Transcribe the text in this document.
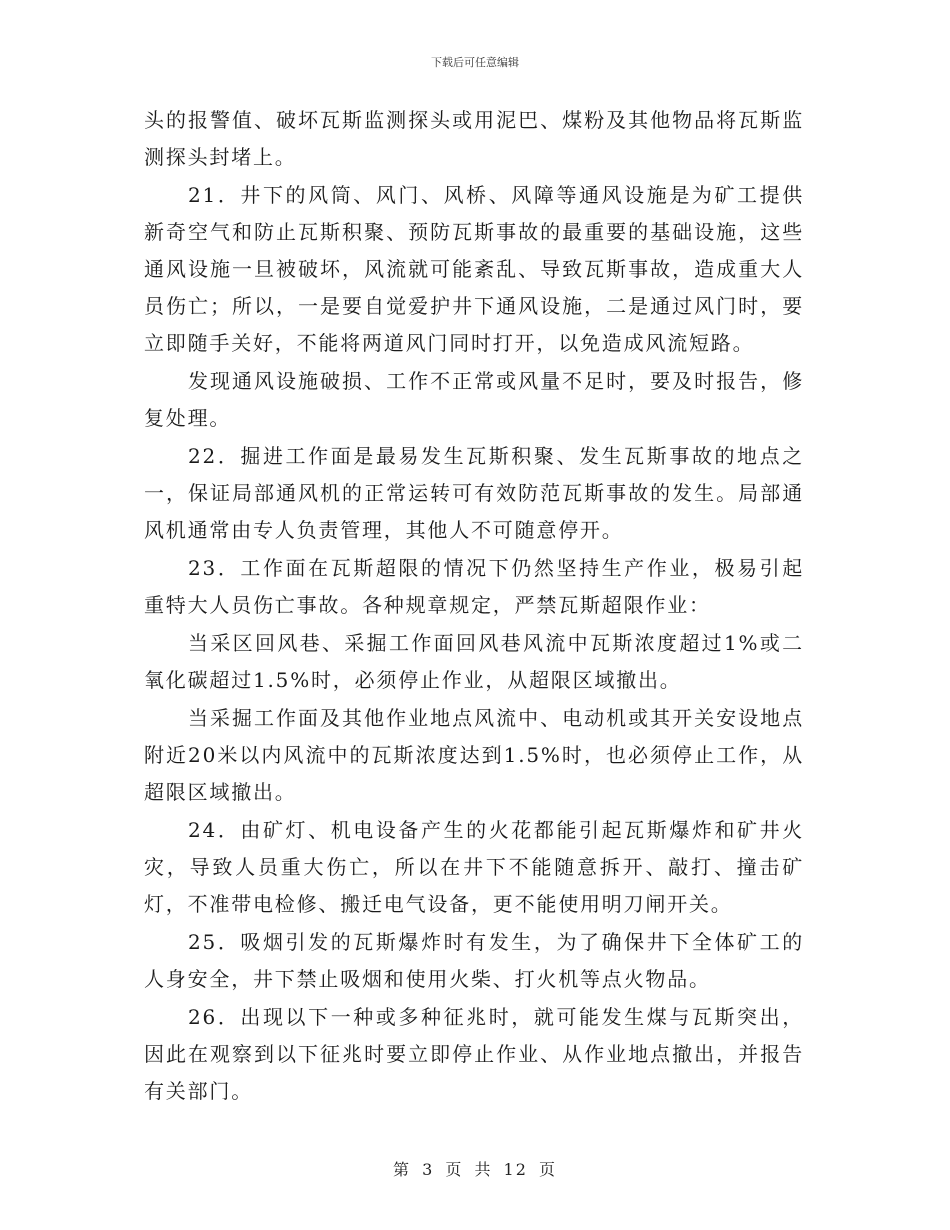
下载后可任意编辑

头的报警值、破坏瓦斯监测探头或用泥巴、煤粉及其他物品将瓦斯监测探头封堵上。

21．井下的风筒、风门、风桥、风障等通风设施是为矿工提供新奇空气和防止瓦斯积聚、预防瓦斯事故的最重要的基础设施，这些通风设施一旦被破坏，风流就可能紊乱、导致瓦斯事故，造成重大人员伤亡；所以，一是要自觉爱护井下通风设施，二是通过风门时，要立即随手关好，不能将两道风门同时打开，以免造成风流短路。

发现通风设施破损、工作不正常或风量不足时，要及时报告，修复处理。

22．掘进工作面是最易发生瓦斯积聚、发生瓦斯事故的地点之一，保证局部通风机的正常运转可有效防范瓦斯事故的发生。局部通风机通常由专人负责管理，其他人不可随意停开。

23．工作面在瓦斯超限的情况下仍然坚持生产作业，极易引起重特大人员伤亡事故。各种规章规定，严禁瓦斯超限作业：

当采区回风巷、采掘工作面回风巷风流中瓦斯浓度超过1%或二氧化碳超过1.5%时，必须停止作业，从超限区域撤出。

当采掘工作面及其他作业地点风流中、电动机或其开关安设地点附近20米以内风流中的瓦斯浓度达到1.5%时，也必须停止工作，从超限区域撤出。

24．由矿灯、机电设备产生的火花都能引起瓦斯爆炸和矿井火灾，导致人员重大伤亡，所以在井下不能随意拆开、敲打、撞击矿灯，不准带电检修、搬迁电气设备，更不能使用明刀闸开关。

25．吸烟引发的瓦斯爆炸时有发生，为了确保井下全体矿工的人身安全，井下禁止吸烟和使用火柴、打火机等点火物品。

26．出现以下一种或多种征兆时，就可能发生煤与瓦斯突出，因此在观察到以下征兆时要立即停止作业、从作业地点撤出，并报告有关部门。

第 3 页 共 12 页
